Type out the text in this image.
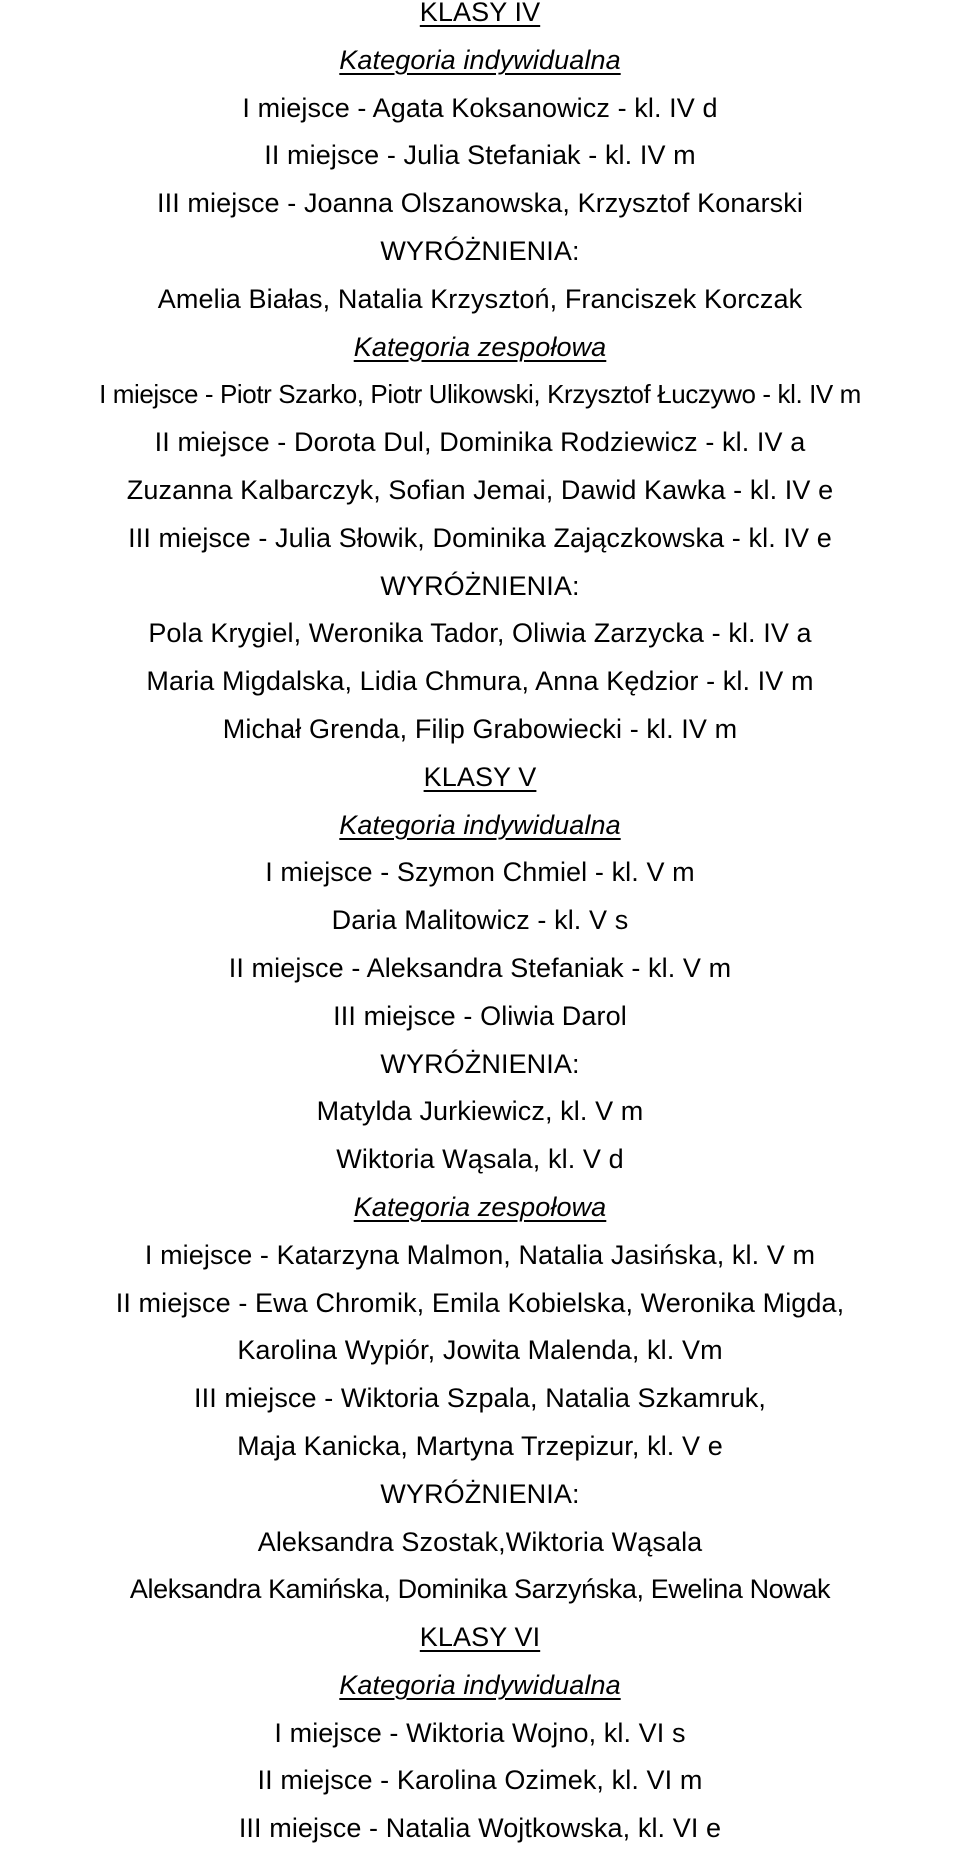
KLASY IV
Kategoria indywidualna
I miejsce - Agata Koksanowicz - kl. IV d
II miejsce - Julia Stefaniak - kl. IV m
III miejsce - Joanna Olszanowska, Krzysztof Konarski
WYRÓŻNIENIA:
Amelia Białas, Natalia Krzysztoń, Franciszek Korczak
Kategoria zespołowa
I miejsce - Piotr Szarko, Piotr Ulikowski, Krzysztof Łuczywo - kl. IV m
II miejsce - Dorota Dul, Dominika Rodziewicz - kl. IV a
Zuzanna Kalbarczyk, Sofian Jemai, Dawid Kawka - kl. IV e
III miejsce - Julia Słowik, Dominika Zajączkowska - kl. IV e
WYRÓŻNIENIA:
Pola Krygiel, Weronika Tador, Oliwia Zarzycka - kl. IV a
Maria Migdalska, Lidia Chmura, Anna Kędzior - kl. IV m
Michał Grenda, Filip Grabowiecki - kl. IV m
KLASY V
Kategoria indywidualna
I miejsce - Szymon Chmiel - kl. V m
Daria Malitowicz - kl. V s
II miejsce - Aleksandra Stefaniak - kl. V m
III miejsce - Oliwia Darol
WYRÓŻNIENIA:
Matylda Jurkiewicz, kl. V m
Wiktoria Wąsala, kl. V d
Kategoria zespołowa
I miejsce - Katarzyna Malmon, Natalia Jasińska, kl. V m
II miejsce - Ewa Chromik, Emila Kobielska, Weronika Migda,
Karolina Wypiór, Jowita Malenda, kl. Vm
III miejsce - Wiktoria Szpala, Natalia Szkamruk,
Maja Kanicka, Martyna Trzepizur, kl. V e
WYRÓŻNIENIA:
Aleksandra Szostak,Wiktoria Wąsala
Aleksandra Kamińska, Dominika Sarzyńska, Ewelina Nowak
KLASY VI
Kategoria indywidualna
I miejsce - Wiktoria Wojno, kl. VI s
II miejsce - Karolina Ozimek, kl. VI m
III miejsce - Natalia Wojtkowska, kl. VI e
